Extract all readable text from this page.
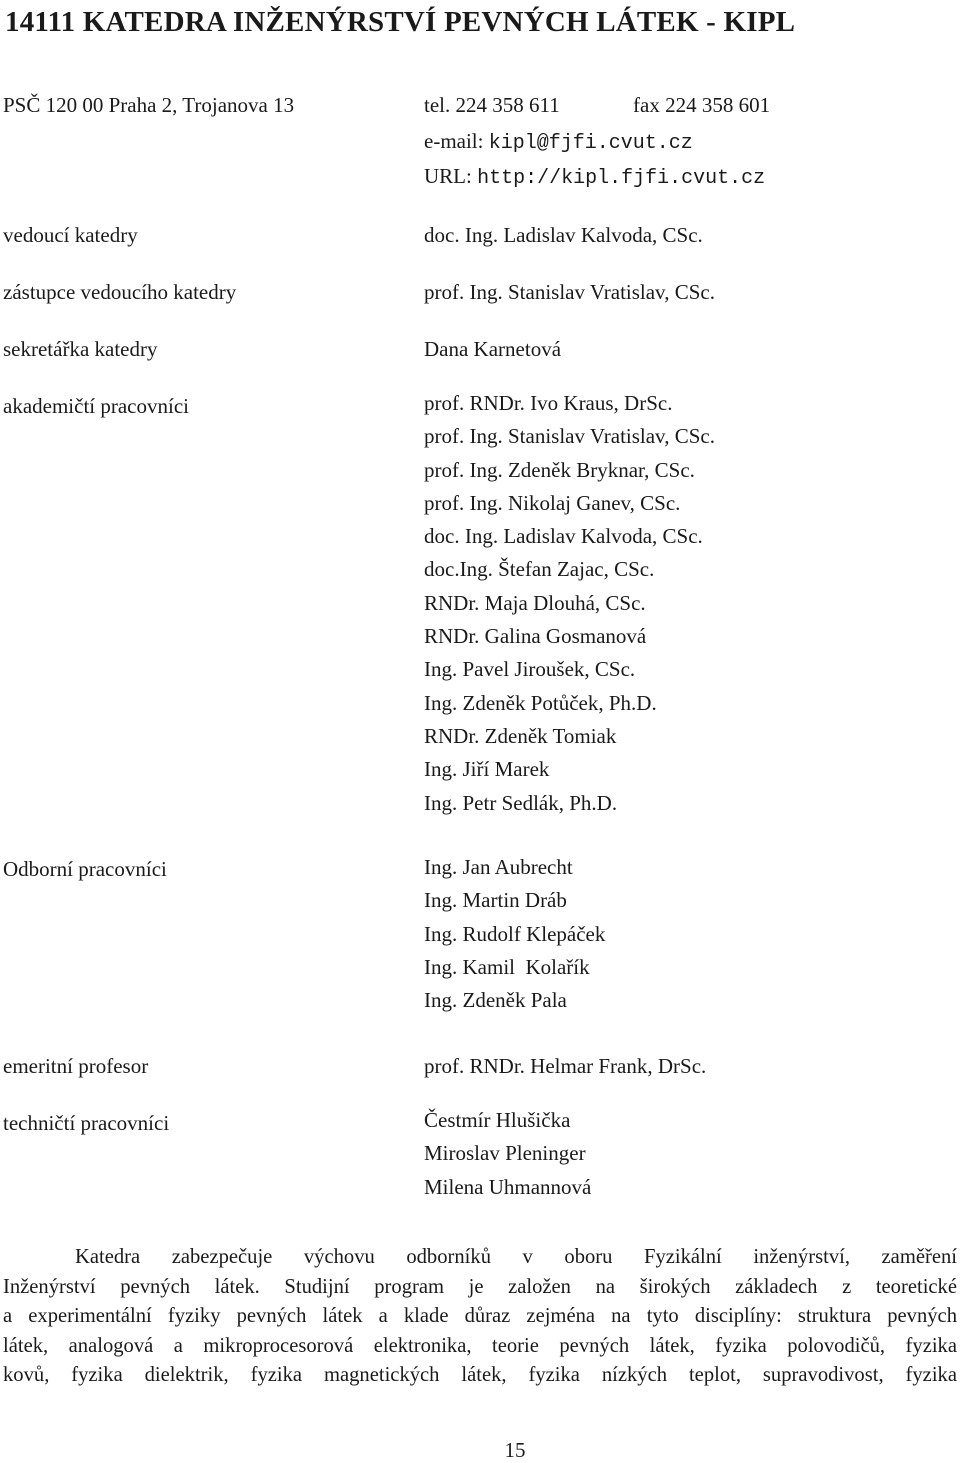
14111 KATEDRA INŽENÝRSTVÍ PEVNÝCH LÁTEK - KIPL
PSČ 120 00 Praha 2, Trojanova 13	tel. 224 358 611	fax 224 358 601
e-mail: kipl@fjfi.cvut.cz
URL: http://kipl.fjfi.cvut.cz
vedoucí katedry	doc. Ing. Ladislav Kalvoda, CSc.
zástupce vedoucího katedry	prof. Ing. Stanislav Vratislav, CSc.
sekretářka katedry	Dana Karnetová
akademičtí pracovníci	prof. RNDr. Ivo Kraus, DrSc.
prof. Ing. Stanislav Vratislav, CSc.
prof. Ing. Zdeněk Bryknar, CSc.
prof. Ing. Nikolaj Ganev, CSc.
doc. Ing. Ladislav Kalvoda, CSc.
doc.Ing. Štefan Zajac, CSc.
RNDr. Maja Dlouhá, CSc.
RNDr. Galina Gosmanová
Ing. Pavel Jiroušek, CSc.
Ing. Zdeněk Potůček, Ph.D.
RNDr. Zdeněk Tomiak
Ing. Jiří Marek
Ing. Petr Sedlák, Ph.D.
Odborní pracovníci	Ing. Jan Aubrecht
Ing. Martin Dráb
Ing. Rudolf Klepáček
Ing. Kamil  Kolařík
Ing. Zdeněk Pala
emeritní profesor	prof. RNDr. Helmar Frank, DrSc.
techničtí pracovníci	Čestmír Hlušička
Miroslav Pleninger
Milena Uhmannová
Katedra zabezpečuje výchovu odborníků v oboru Fyzikální inženýrství, zaměření
Inženýrství pevných látek. Studijní program je založen na širokých základech z teoretické
a experimentální fyziky pevných látek a klade důraz zejména na tyto disciplíny: struktura pevných
látek, analogová a mikroprocesorová elektronika, teorie pevných látek, fyzika polovodičů, fyzika
kovů, fyzika dielektrik, fyzika magnetických látek, fyzika nízkých teplot, supravodivost, fyzika
15
